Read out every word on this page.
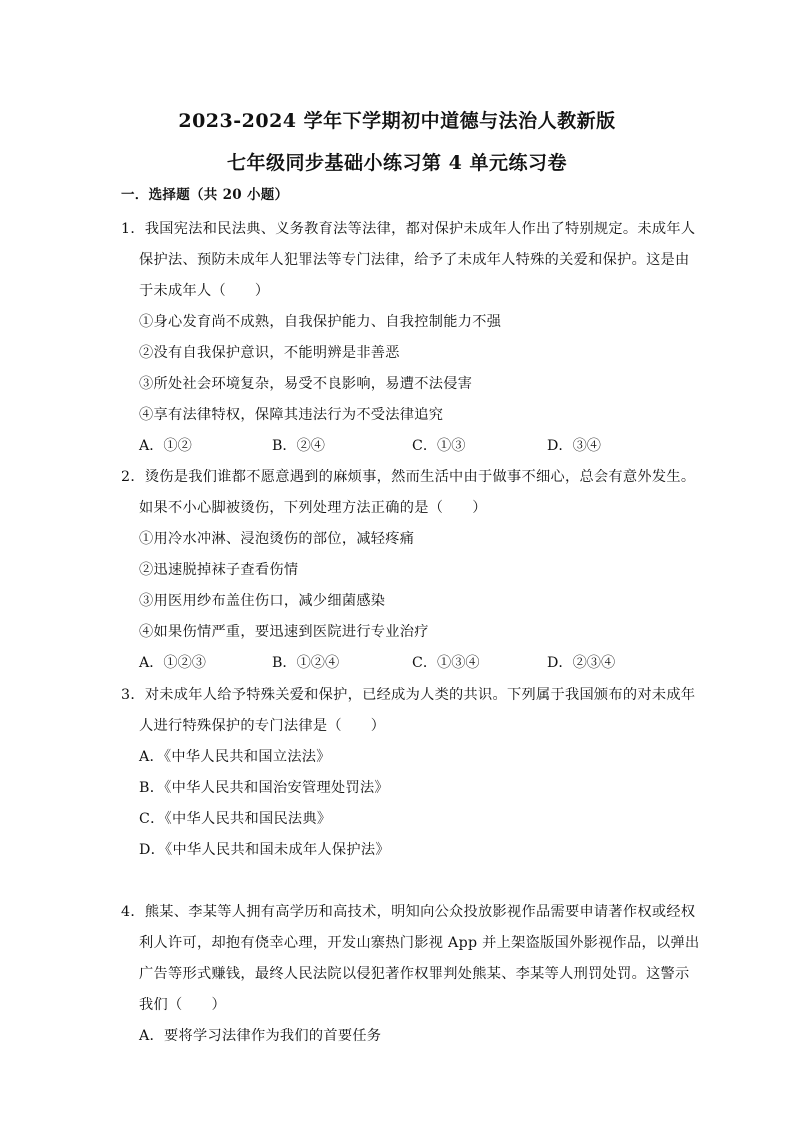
2023-2024 学年下学期初中道德与法治人教新版
七年级同步基础小练习第 4 单元练习卷
一．选择题（共 20 小题）
1．我国宪法和民法典、义务教育法等法律，都对保护未成年人作出了特别规定。未成年人
保护法、预防未成年人犯罪法等专门法律，给予了未成年人特殊的关爱和保护。这是由
于未成年人（　　）
①身心发育尚不成熟，自我保护能力、自我控制能力不强
②没有自我保护意识，不能明辨是非善恶
③所处社会环境复杂，易受不良影响，易遭不法侵害
④享有法律特权，保障其违法行为不受法律追究
A．①②	B．②④	C．①③	D．③④
2．烫伤是我们谁都不愿意遇到的麻烦事，然而生活中由于做事不细心，总会有意外发生。
如果不小心脚被烫伤，下列处理方法正确的是（　　）
①用冷水冲淋、浸泡烫伤的部位，减轻疼痛
②迅速脱掉袜子查看伤情
③用医用纱布盖住伤口，减少细菌感染
④如果伤情严重，要迅速到医院进行专业治疗
A．①②③	B．①②④	C．①③④	D．②③④
3．对未成年人给予特殊关爱和保护，已经成为人类的共识。下列属于我国颁布的对未成年
人进行特殊保护的专门法律是（　　）
A．《中华人民共和国立法法》
B．《中华人民共和国治安管理处罚法》
C．《中华人民共和国民法典》
D．《中华人民共和国未成年人保护法》
4．熊某、李某等人拥有高学历和高技术，明知向公众投放影视作品需要申请著作权或经权
利人许可，却抱有侥幸心理，开发山寨热门影视 App 并上架盗版国外影视作品，以弹出
广告等形式赚钱，最终人民法院以侵犯著作权罪判处熊某、李某等人刑罚处罚。这警示
我们（　　）
A．要将学习法律作为我们的首要任务
